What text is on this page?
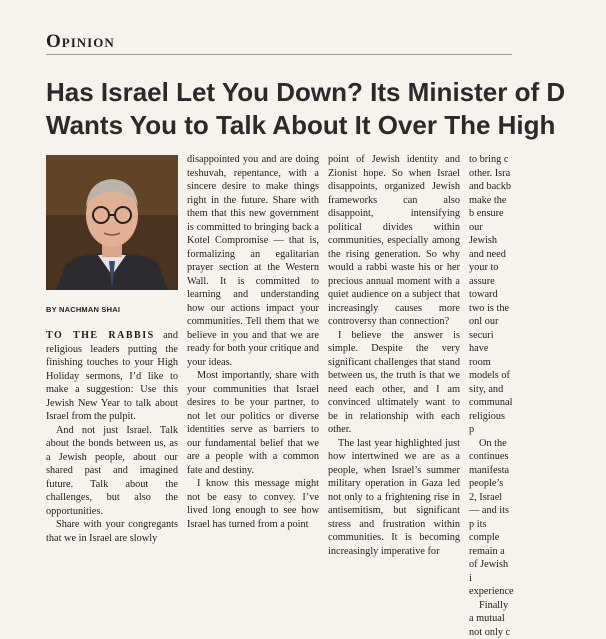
Opinion
Has Israel Let You Down? Its Minister of D
Wants You to Talk About It Over The High
BY NACHMAN SHAI

TO THE RABBIS and religious leaders putting the finishing touches to your High Holiday sermons, I’d like to make a suggestion: Use this Jewish New Year to talk about Israel from the pulpit.

And not just Israel. Talk about the bonds between us, as a Jewish people, about our shared past and imagined future. Talk about the challenges, but also the opportunities.

Share with your congregants that we in Israel are slowly

disappointed you and are doing teshuvah, repentance, with a sincere desire to make things right in the future. Share with them that this new government is committed to bringing back a Kotel Compromise — that is, formalizing an egalitarian prayer section at the Western Wall. It is committed to learning and understanding how our actions impact your communities. Tell them that we believe in you and that we are ready for both your critique and your ideas.

Most importantly, share with your communities that Israel desires to be your partner, to not let our politics or diverse identities serve as barriers to our fundamental belief that we are a people with a common fate and destiny.

I know this message might not be easy to convey. I’ve lived long enough to see how Israel has turned from a point

point of Jewish identity and Zionist hope. So when Israel disappoints, organized Jewish frameworks can also disappoint, intensifying political divides within communities, especially among the rising generation. So why would a rabbi waste his or her precious annual moment with a quiet audience on a subject that increasingly causes more controversy than connection?

I believe the answer is simple. Despite the very significant challenges that stand between us, the truth is that we need each other, and I am convinced ultimately want to be in relationship with each other.

The last year highlighted just how intertwined we are as a people, when Israel’s summer military operation in Gaza led not only to a frightening rise in antisemitism, but significant stress and frustration within communities. It is becoming increasingly imperative for

to bring c other. Isra and backb make the b ensure our Jewish and need your to assure toward two is the onl our securi have room models of sity, and communal religious p

On the continues manifesta people’s 2, Israel — and its p its comple remain a of Jewish i experience

Finally a mutual not only c
